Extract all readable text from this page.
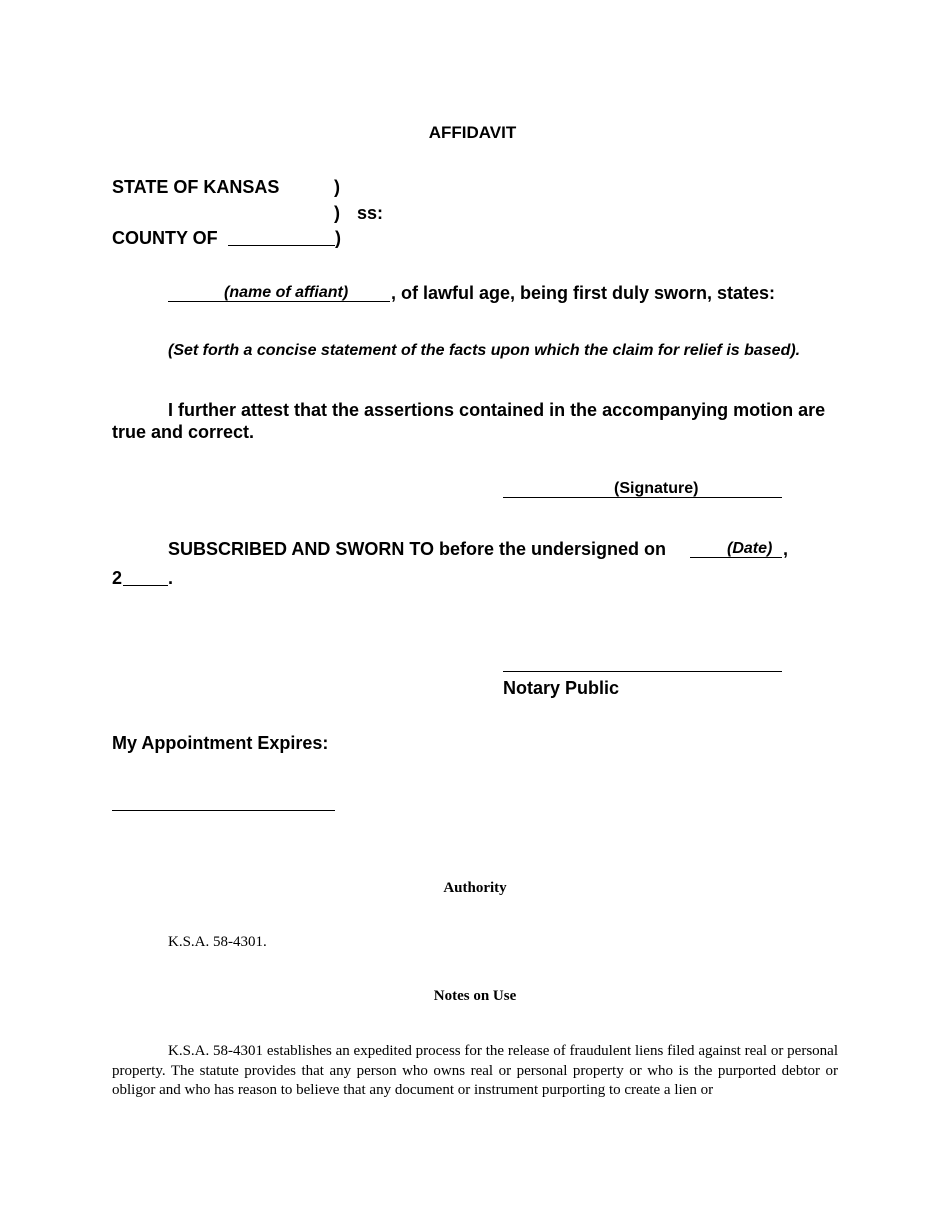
AFFIDAVIT
STATE OF KANSAS	)
) ss:
COUNTY OF	)
(name of affiant) , of lawful age, being first duly sworn, states:
(Set forth a concise statement of the facts upon which the claim for relief is based).
I further attest that the assertions contained in the accompanying motion are
true and correct.
(Signature)
SUBSCRIBED AND SWORN TO before the undersigned on	(Date) ,
2	.
Notary Public
My Appointment Expires:
Authority
K.S.A. 58-4301.
Notes on Use
K.S.A. 58-4301 establishes an expedited process for the release of fraudulent liens filed against real or personal property. The statute provides that any person who owns real or personal property or who is the purported debtor or obligor and who has reason to believe that any document or instrument purporting to create a lien or
